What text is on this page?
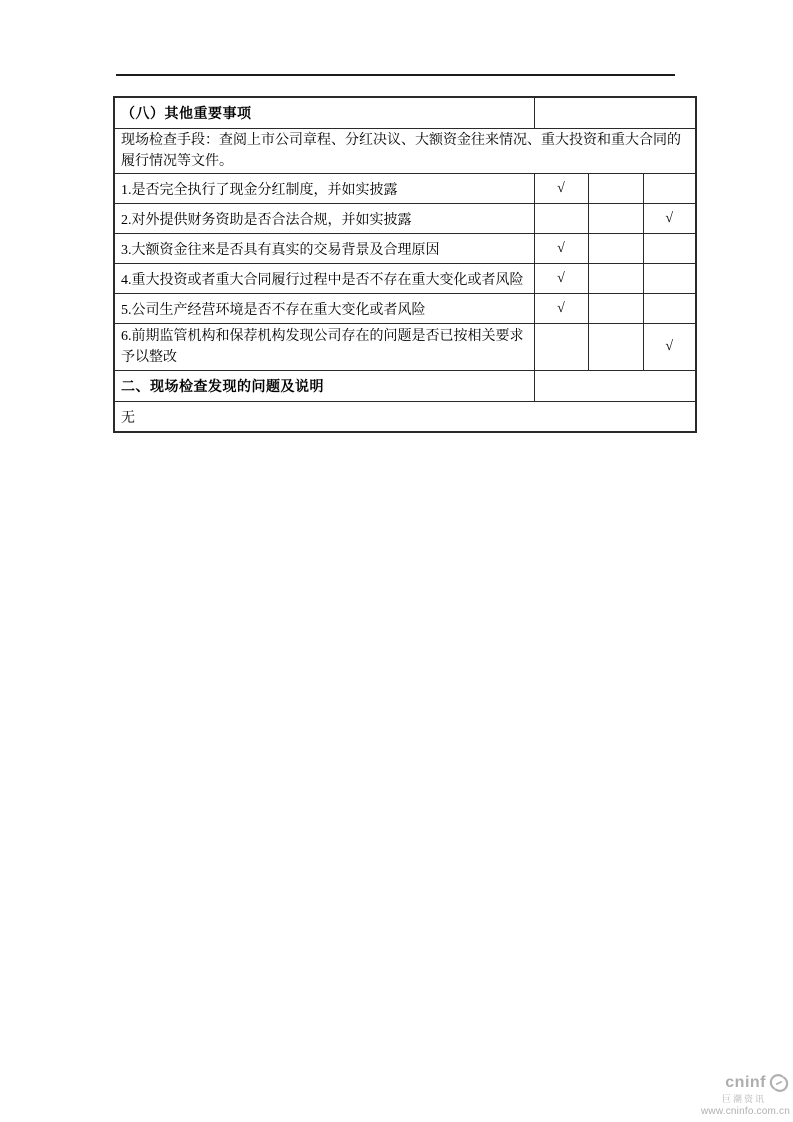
（八）其他重要事项			
现场检查手段：查阅上市公司章程、分红决议、大额资金往来情况、重大投资和重大合同的履行情况等文件。			
1.是否完全执行了现金分红制度，并如实披露	√		
2.对外提供财务资助是否合法合规，并如实披露			√
3.大额资金往来是否具有真实的交易背景及合理原因	√		
4.重大投资或者重大合同履行过程中是否不存在重大变化或者风险	√		
5.公司生产经营环境是否不存在重大变化或者风险	√		
6.前期监管机构和保荐机构发现公司存在的问题是否已按相关要求予以整改			√
二、现场检查发现的问题及说明			
无			
cninf
巨潮资讯
www.cninfo.com.cn
